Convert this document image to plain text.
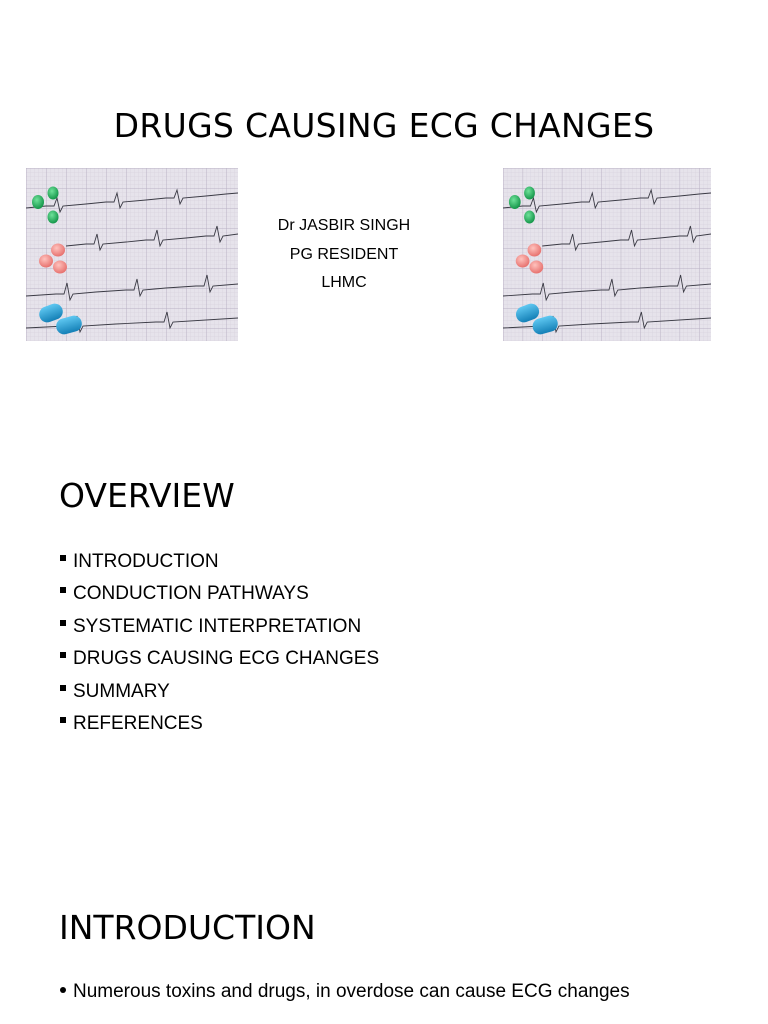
DRUGS CAUSING ECG CHANGES
Dr JASBIR SINGH
PG RESIDENT
LHMC
OVERVIEW
INTRODUCTION
CONDUCTION PATHWAYS
SYSTEMATIC INTERPRETATION
DRUGS CAUSING ECG CHANGES
SUMMARY
REFERENCES
INTRODUCTION
Numerous toxins and drugs, in overdose can cause ECG changes
